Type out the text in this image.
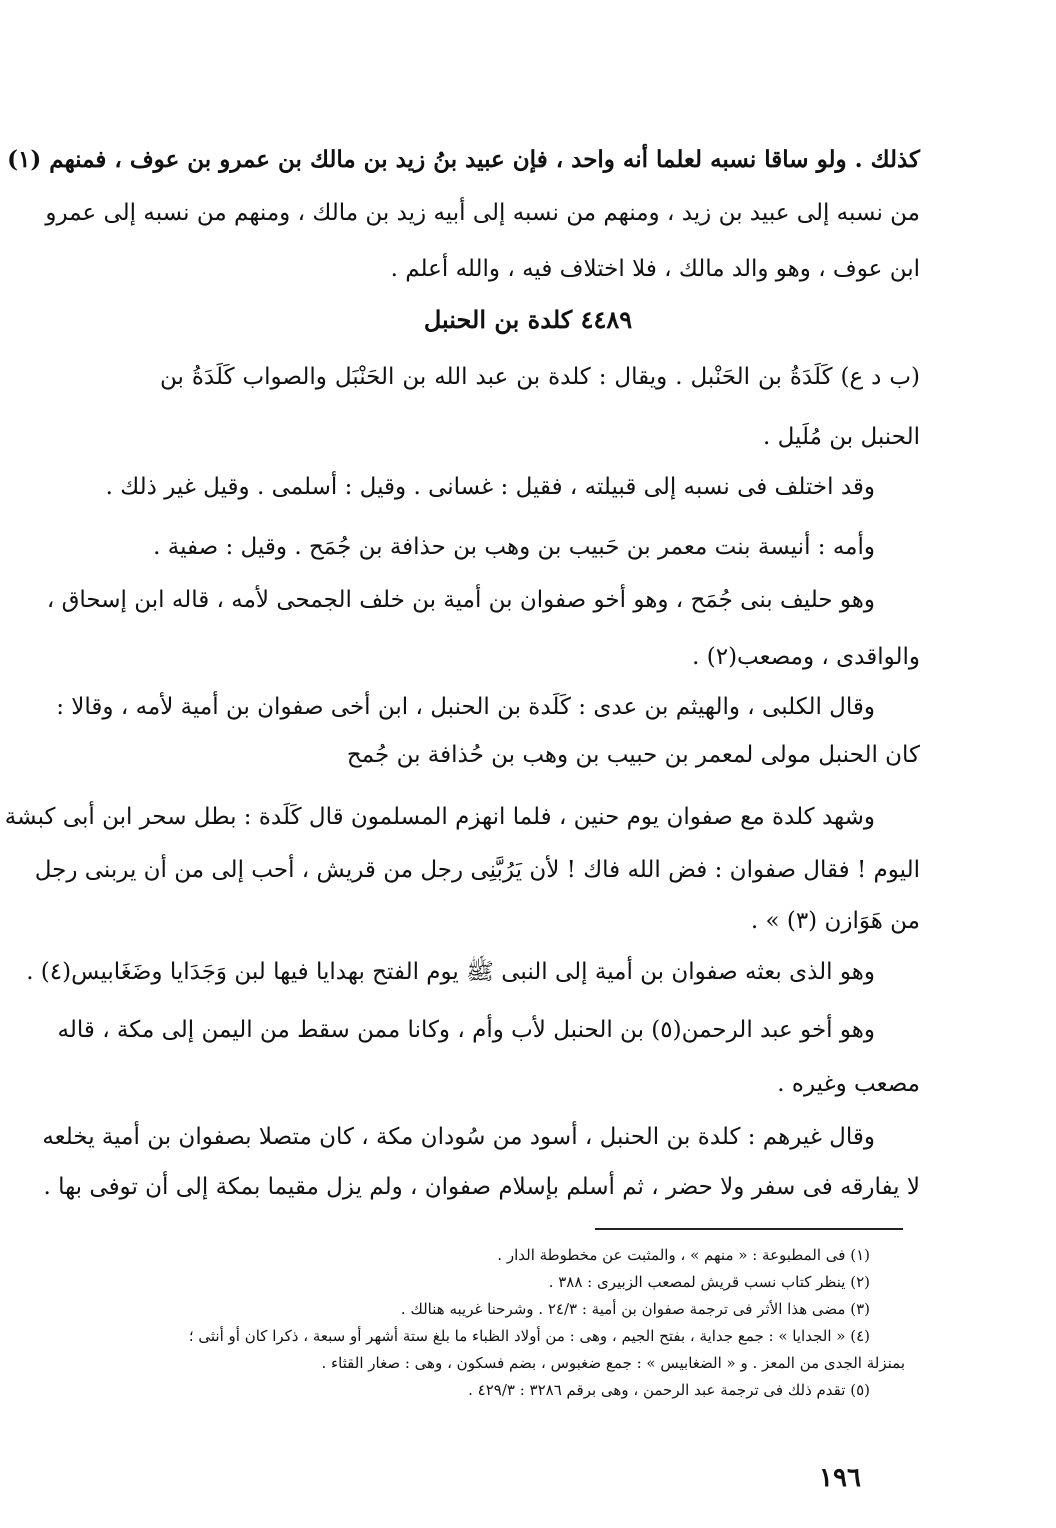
كذلك . ولو ساقا نسبه لعلما أنه واحد ، فإن عبيد بنُ زيد بن مالك بن عمرو بن عوف ، فمنهم (١)
من نسبه إلى عبيد بن زيد ، ومنهم من نسبه إلى أبيه زيد بن مالك ، ومنهم من نسبه إلى عمرو
ابن عوف ، وهو والد مالك ، فلا اختلاف فيه ، والله أعلم .
٤٤٨٩ كلدة بن الحنبل
(ب د ع) كَلَدَةُ بن الحَنْبل . ويقال : كلدة بن عبد الله بن الحَنْبَل والصواب كَلَدَةُ بن
الحنبل بن مُلَيل .
وقد اختلف فى نسبه إلى قبيلته ، فقيل : غسانى . وقيل : أسلمى . وقيل غير ذلك .
وأمه : أنيسة بنت معمر بن حَبيب بن وهب بن حذافة بن جُمَح . وقيل : صفية .
وهو حليف بنى جُمَح ، وهو أخو صفوان بن أمية بن خلف الجمحى لأمه ، قاله ابن إسحاق ،
والواقدى ، ومصعب(٢) .
وقال الكلبى ، والهيثم بن عدى : كَلَدة بن الحنبل ، ابن أخى صفوان بن أمية لأمه ، وقالا :
كان الحنبل مولى لمعمر بن حبيب بن وهب بن حُذافة بن جُمح
وشهد كلدة مع صفوان يوم حنين ، فلما انهزم المسلمون قال كَلَدة : بطل سحر ابن أبى كبشة
اليوم ! فقال صفوان : فض الله فاك ! لأن يَرُبَّنِى رجل من قريش ، أحب إلى من أن يربنى رجل
من هَوَازن (٣) » .
وهو الذى بعثه صفوان بن أمية إلى النبى ﷺ يوم الفتح بهدايا فيها لبن وَجَدَايا وضَغَابيس(٤) .
وهو أخو عبد الرحمن(٥) بن الحنبل لأب وأم ، وكانا ممن سقط من اليمن إلى مكة ، قاله
مصعب وغيره .
وقال غيرهم : كلدة بن الحنبل ، أسود من سُودان مكة ، كان متصلا بصفوان بن أمية يخلعه
لا يفارقه فى سفر ولا حضر ، ثم أسلم بإسلام صفوان ، ولم يزل مقيما بمكة إلى أن توفى بها .
(١) فى المطبوعة : « منهم » ، والمثبت عن مخطوطة الدار .
(٢) ينظر كتاب نسب قريش لمصعب الزبيرى : ٣٨٨ .
(٣) مضى هذا الأثر فى ترجمة صفوان بن أمية : ٢٤/٣ . وشرحنا غريبه هنالك .
(٤) « الجدايا » : جمع جداية ، بفتح الجيم ، وهى : من أولاد الظباء ما بلغ ستة أشهر أو سبعة ، ذكرا كان أو أنثى ؛
بمنزلة الجدى من المعز . و « الضغابيس » : جمع ضغبوس ، بضم فسكون ، وهى : صغار القثاء .
(٥) تقدم ذلك فى ترجمة عبد الرحمن ، وهى برقم ٣٢٨٦ : ٤٢٩/٣ .
١٩٦
